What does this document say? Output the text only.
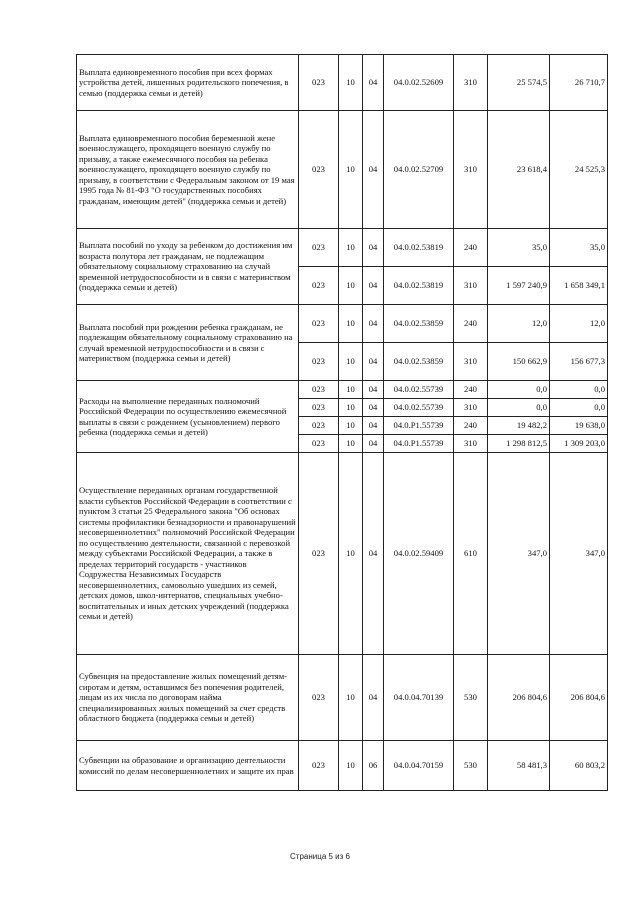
Выплата единовременного пособия при всех формах устройства детей, лишенных родительского попечения, в семью (поддержка семьи и детей)	023	10	04	04.0.02.52609	310	25 574,5	26 710,7
Выплата единовременного пособия беременной жене военнослужащего, проходящего военную службу по призыву, а также ежемесячного пособия на ребенка военнослужащего, проходящего военную службу по призыву, в соответствии с Федеральным законом от 19 мая 1995 года № 81-ФЗ "О государственных пособиях гражданам, имеющим детей" (поддержка семьи и детей)	023	10	04	04.0.02.52709	310	23 618,4	24 525,3
Выплата пособий по уходу за ребенком до достижения им возраста полутора лет гражданам, не подлежащим обязательному социальному страхованию на случай временной нетрудоспособности и в связи с материнством (поддержка семьи и детей)	023	10	04	04.0.02.53819	240	35,0	35,0
	023	10	04	04.0.02.53819	310	1 597 240,9	1 658 349,1
Выплата пособий при рождении ребенка гражданам, не подлежащим обязательному социальному страхованию на случай временной нетрудоспособности и в связи с материнством (поддержка семьи и детей)	023	10	04	04.0.02.53859	240	12,0	12,0
	023	10	04	04.0.02.53859	310	150 662,9	156 677,3
Расходы на выполнение переданных полномочий Российской Федерации по осуществлению ежемесячной выплаты в связи с рождением (усыновлением) первого ребенка (поддержка семьи и детей)	023	10	04	04.0.02.55739	240	0,0	0,0
	023	10	04	04.0.02.55739	310	0,0	0,0
	023	10	04	04.0.P1.55739	240	19 482,2	19 638,0
	023	10	04	04.0.P1.55739	310	1 298 812,5	1 309 203,0
Осуществление переданных органам государственной власти субъектов Российской Федерации в соответствии с пунктом 3 статьи 25 Федерального закона "Об основах системы профилактики безнадзорности и правонарушений несовершеннолетних" полномочий Российской Федерации по осуществлению деятельности, связанной с перевозкой между субъектами Российской Федерации, а также в пределах территорий государств - участников Содружества Независимых Государств несовершеннолетних, самовольно ушедших из семей, детских домов, школ-интернатов, специальных учебно-воспитательных и иных детских учреждений (поддержка семьи и детей)	023	10	04	04.0.02.59409	610	347,0	347,0
Субвенция на предоставление жилых помещений детям-сиротам и детям, оставшимся без попечения родителей, лицам из их числа по договорам найма специализированных жилых помещений за счет средств областного бюджета (поддержка семьи и детей)	023	10	04	04.0.04.70139	530	206 804,6	206 804,6
Субвенции на образование и организацию деятельности комиссий по делам несовершеннолетних и защите их прав	023	10	06	04.0.04.70159	530	58 481,3	60 803,2
Страница 5 из 6
